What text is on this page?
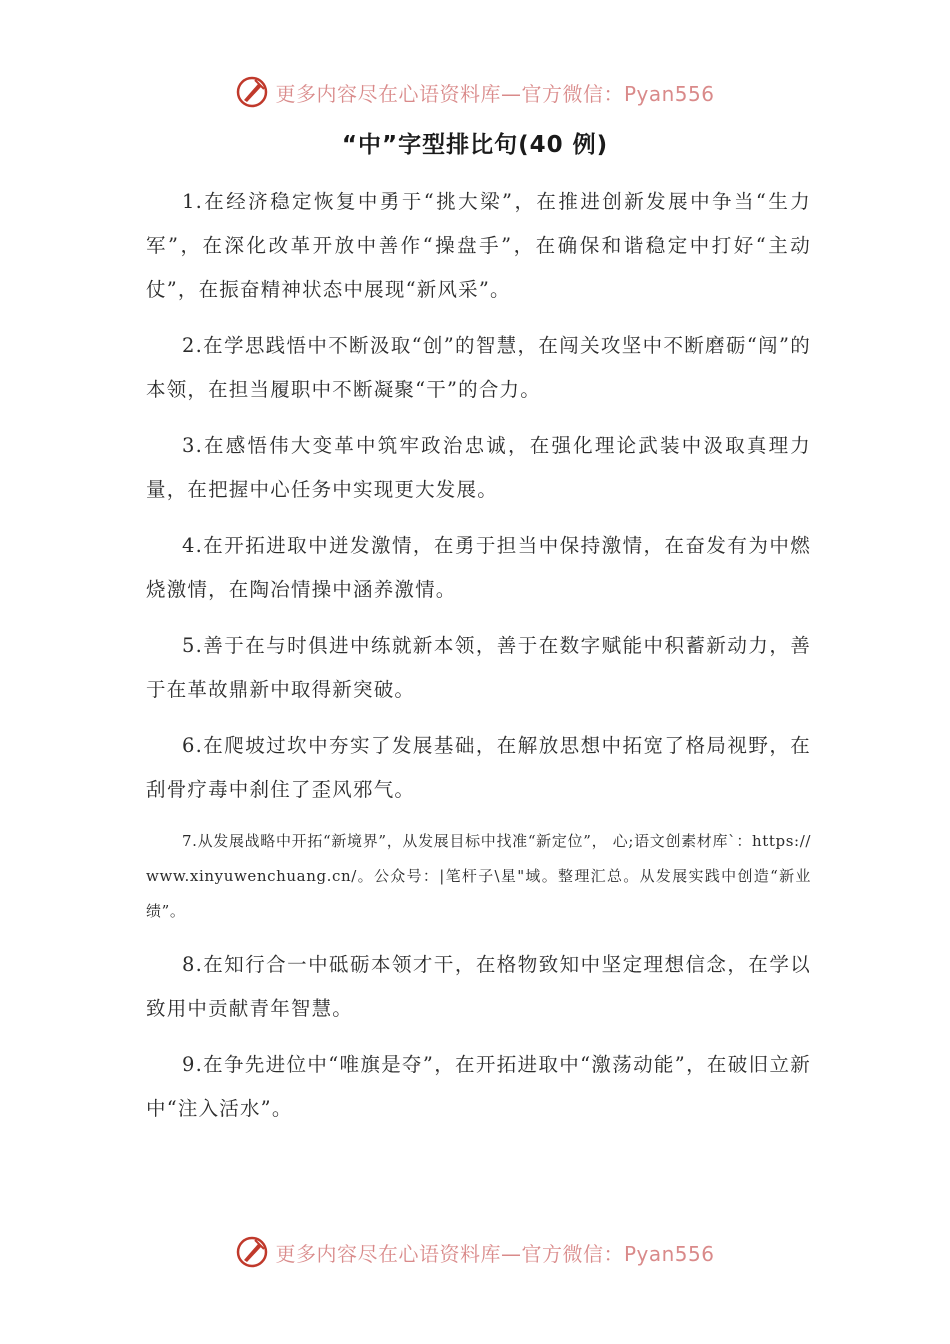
更多内容尽在心语资料库—官方微信：Pyan556
“中”字型排比句(40 例)

1.在经济稳定恢复中勇于“挑大梁”，在推进创新发展中争当“生力军”，在深化改革开放中善作“操盘手”，在确保和谐稳定中打好“主动仗”，在振奋精神状态中展现“新风采”。

2.在学思践悟中不断汲取“创”的智慧，在闯关攻坚中不断磨砺“闯”的本领，在担当履职中不断凝聚“干”的合力。

3.在感悟伟大变革中筑牢政治忠诚，在强化理论武装中汲取真理力量，在把握中心任务中实现更大发展。

4.在开拓进取中迸发激情，在勇于担当中保持激情，在奋发有为中燃烧激情，在陶冶情操中涵养激情。

5.善于在与时俱进中练就新本领，善于在数字赋能中积蓄新动力，善于在革故鼎新中取得新突破。

6.在爬坡过坎中夯实了发展基础，在解放思想中拓宽了格局视野，在刮骨疗毒中刹住了歪风邪气。

7.从发展战略中开拓“新境界”，从发展目标中找准“新定位”， 心;语文创素材库`：https://www.xinyuwenchuang.cn/。公众号：|笔杆子\星"域。整理汇总。从发展实践中创造“新业绩”。

8.在知行合一中砥砺本领才干，在格物致知中坚定理想信念，在学以致用中贡献青年智慧。

9.在争先进位中“唯旗是夺”，在开拓进取中“激荡动能”，在破旧立新中“注入活水”。

更多内容尽在心语资料库—官方微信：Pyan556
